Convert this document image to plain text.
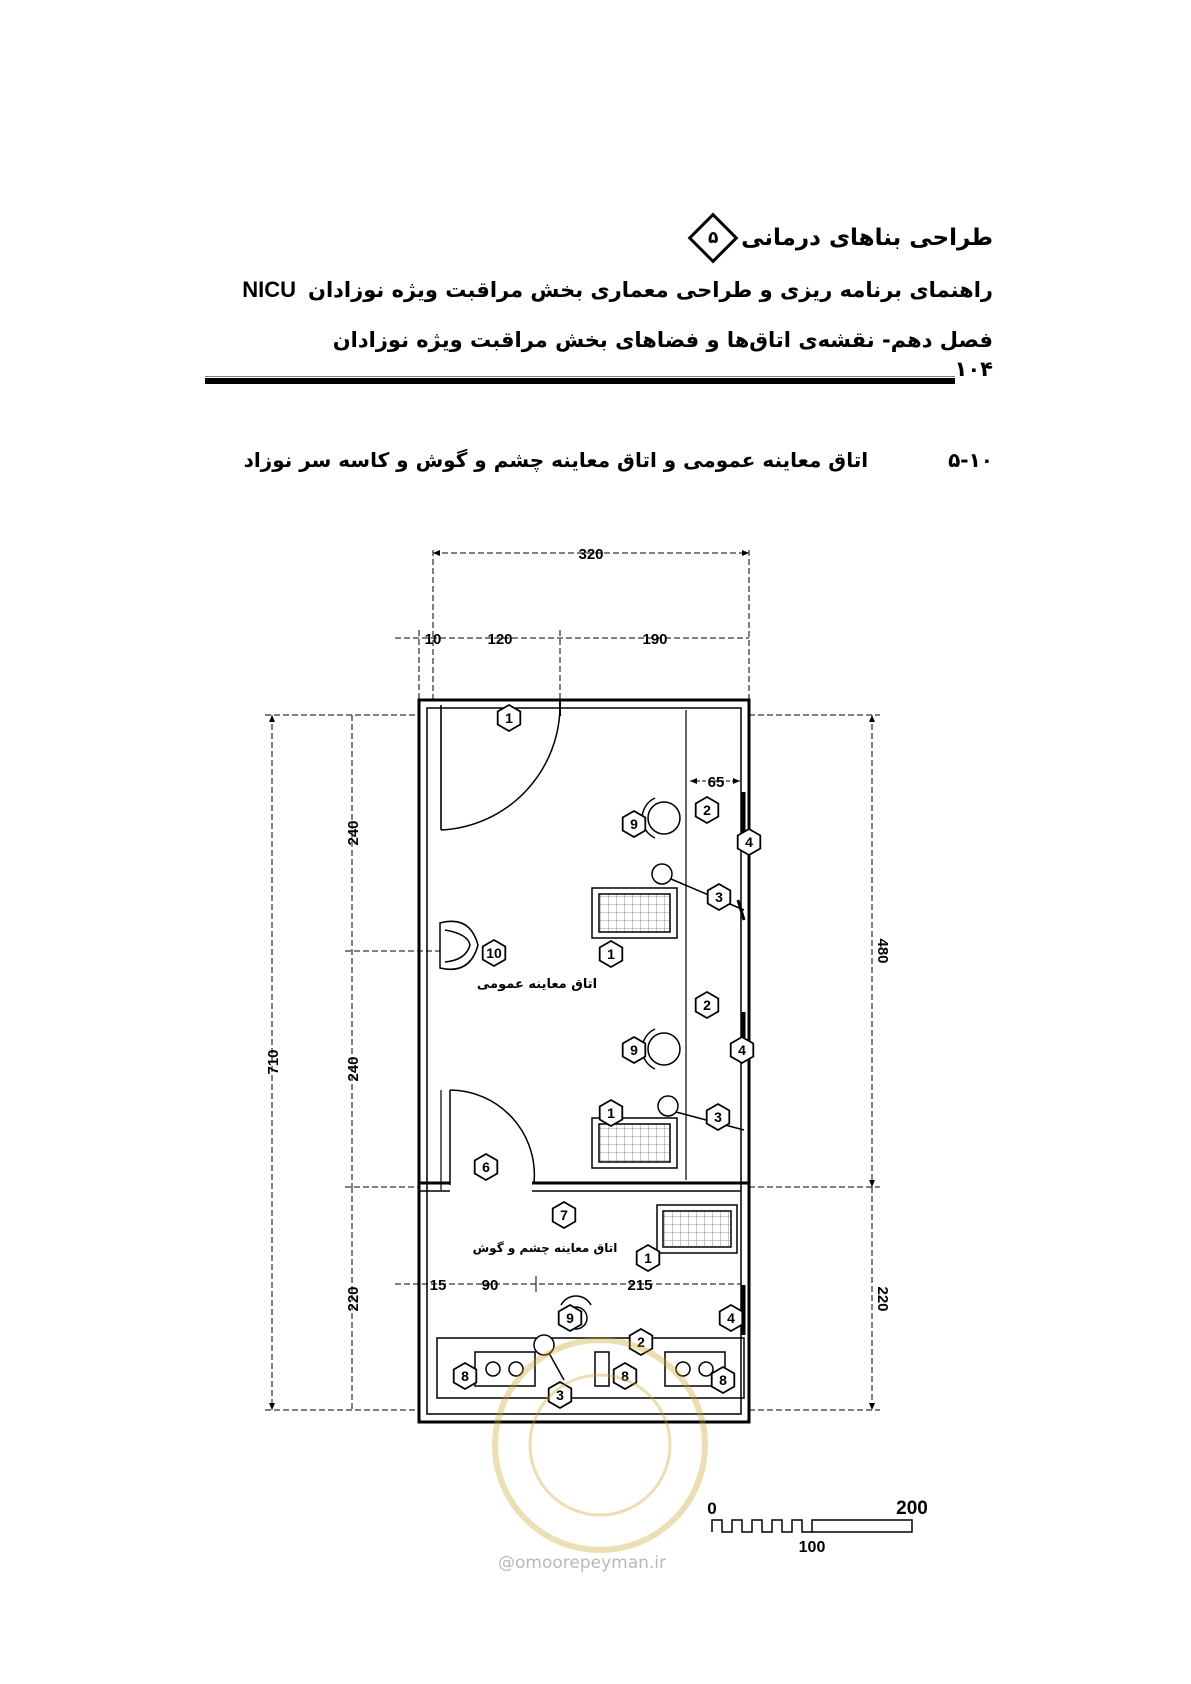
طراحی بناهای درمانی
۵
راهنمای برنامه ریزی و طراحی معماری بخش مراقبت ویژه نوزادانNICU
فصل دهم- نقشه‌ی اتاق‌ها و فضاهای بخش مراقبت ویژه نوزادان
۱۰۴
۵-۱۰اتاق معاینه عمومی و اتاق معاینه چشم و گوش و کاسه سر نوزاد
اتاق معاینه عمومی
اتاق معاینه چشم و گوش
320
10	120	190
65
710
240
240
220
480
220
15 90	215
1
2
9
4
3
1
10
2
9	4
3
1
6
7
1
9	4
2
8	8	8
3
0
100
200
@omoorepeyman.ir
